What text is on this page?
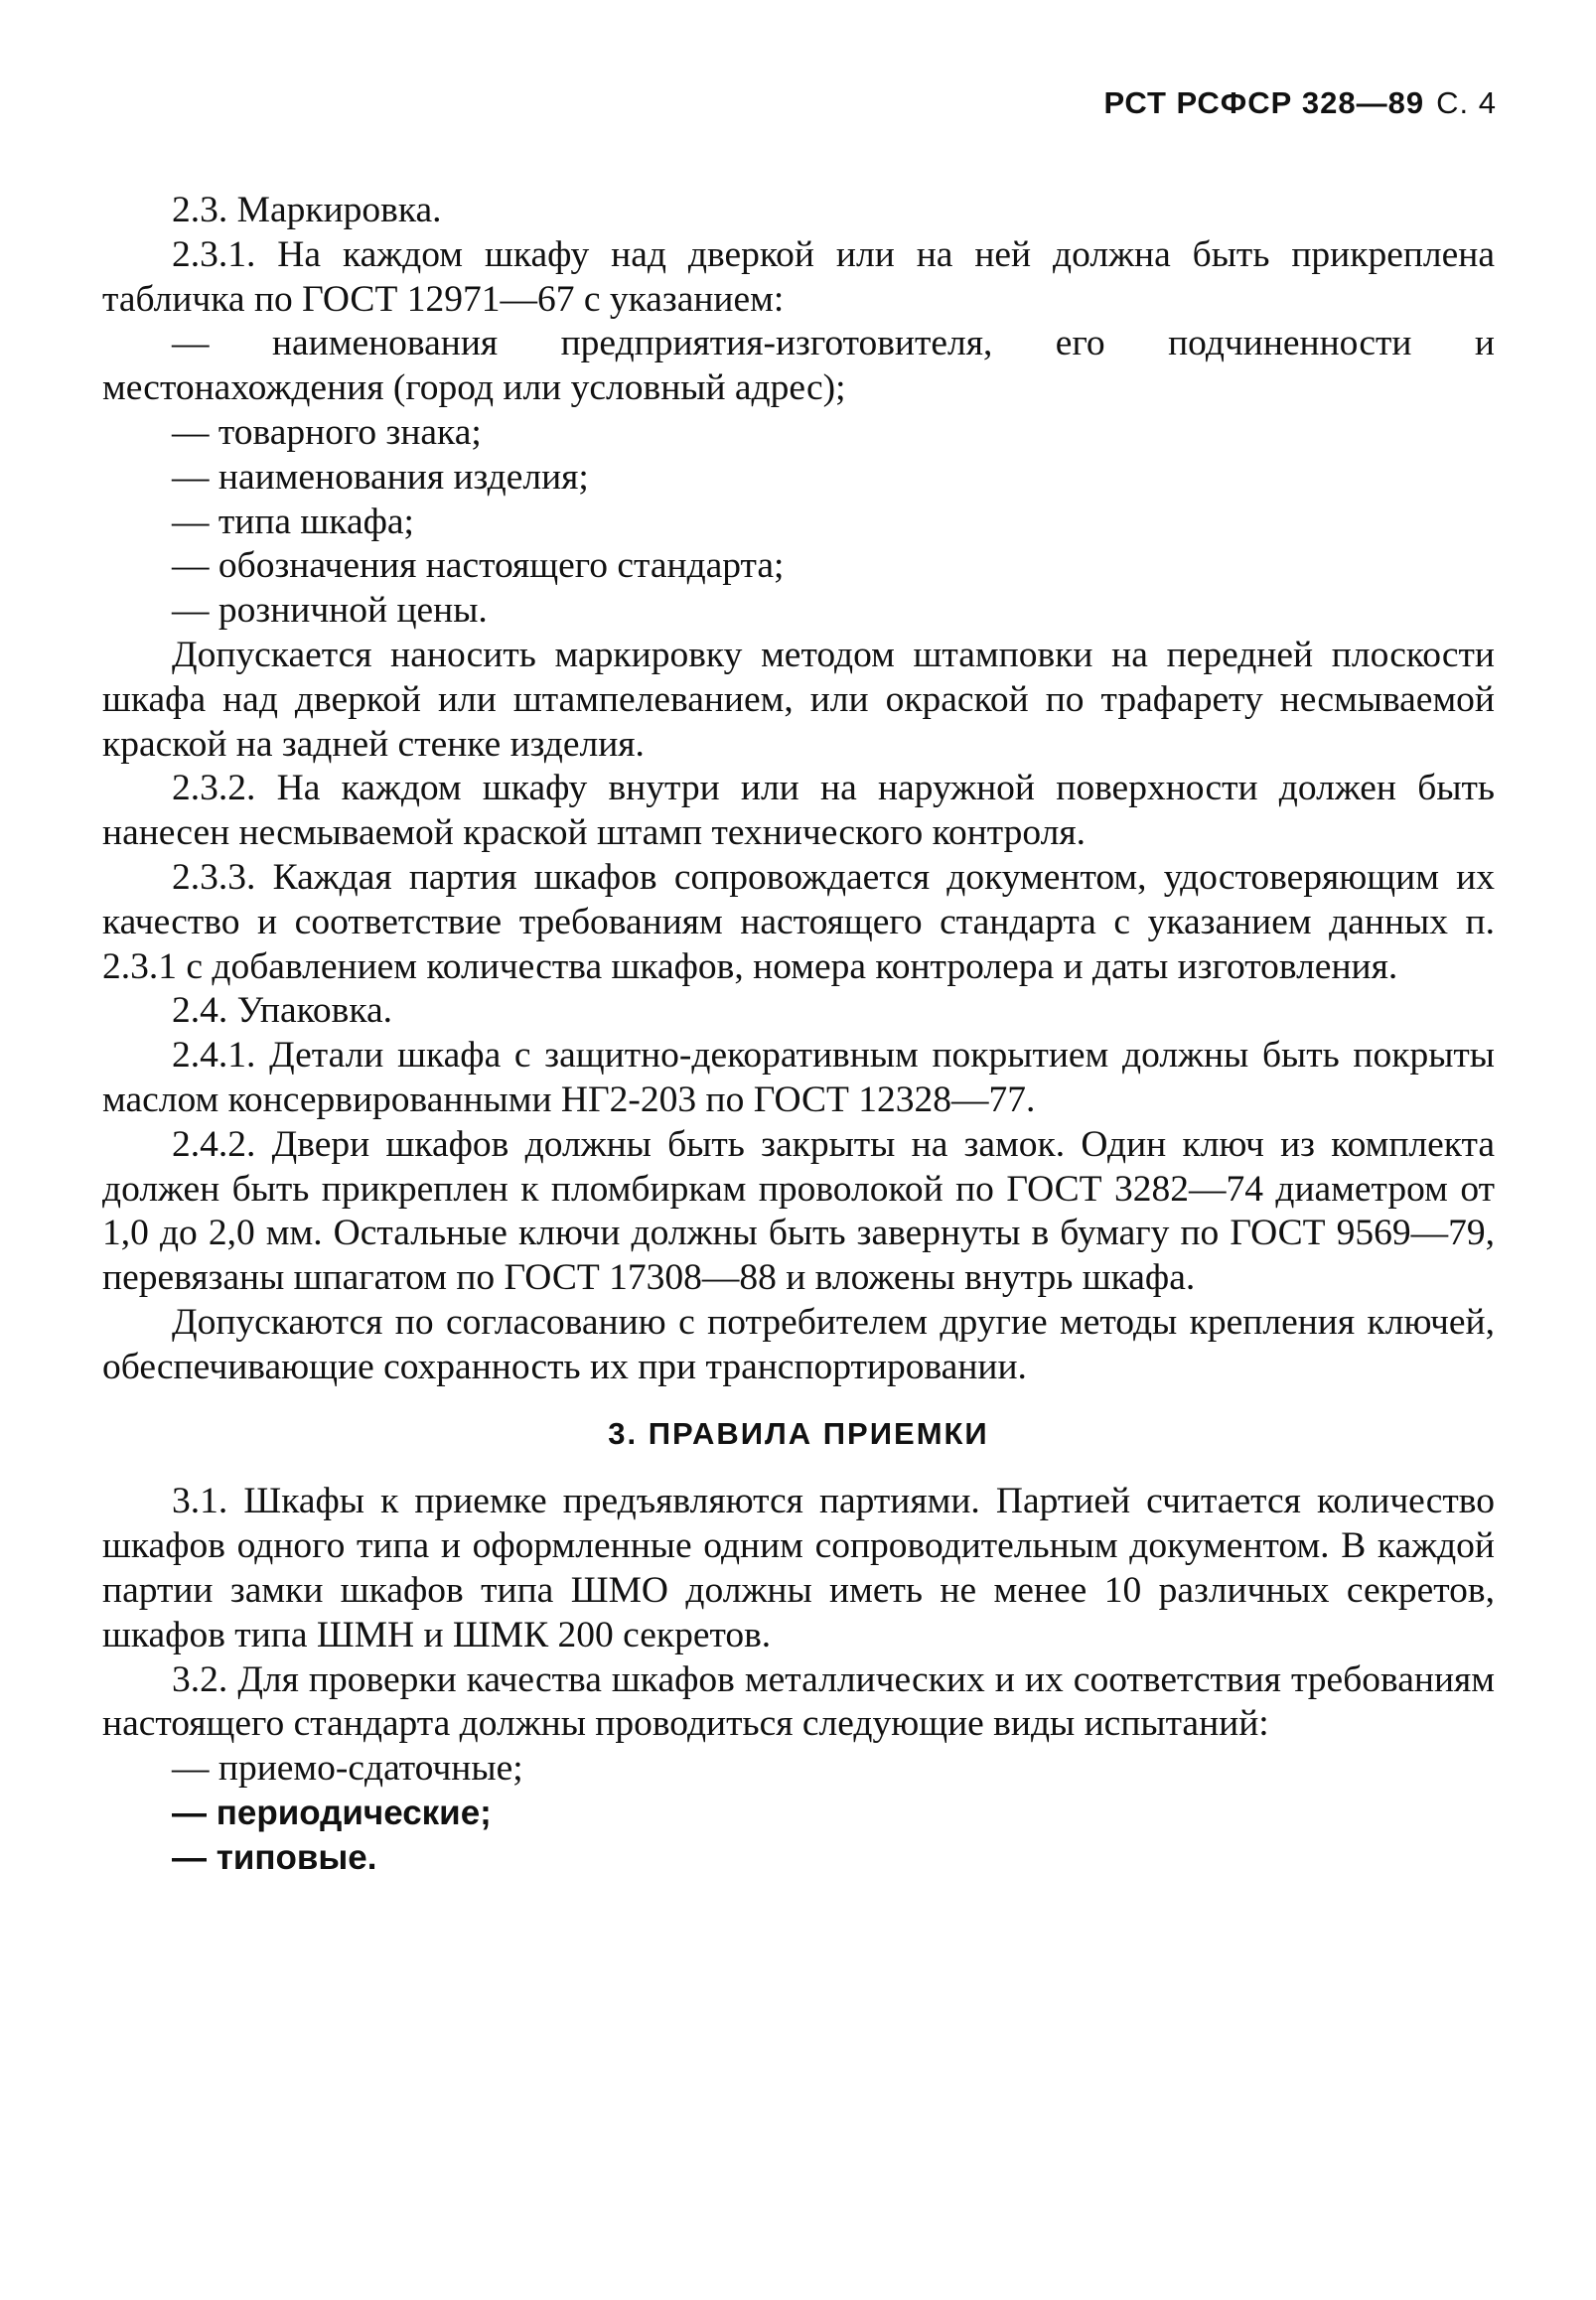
РСТ РСФСР 328—89 С. 4

2.3. Маркировка.

2.3.1. На каждом шкафу над дверкой или на ней должна быть прикреплена табличка по ГОСТ 12971—67 с указанием:

— наименования предприятия-изготовителя, его подчиненности и местонахождения (город или условный адрес);

— товарного знака;

— наименования изделия;

— типа шкафа;

— обозначения настоящего стандарта;

— розничной цены.

Допускается наносить маркировку методом штамповки на передней плоскости шкафа над дверкой или штампелеванием, или окраской по трафарету несмываемой краской на задней стенке изделия.

2.3.2. На каждом шкафу внутри или на наружной поверхности должен быть нанесен несмываемой краской штамп технического контроля.

2.3.3. Каждая партия шкафов сопровождается документом, удостоверяющим их качество и соответствие требованиям настоящего стандарта с указанием данных п. 2.3.1 с добавлением количества шкафов, номера контролера и даты изготовления.

2.4. Упаковка.

2.4.1. Детали шкафа с защитно-декоративным покрытием должны быть покрыты маслом консервированными НГ2-203 по ГОСТ 12328—77.

2.4.2. Двери шкафов должны быть закрыты на замок. Один ключ из комплекта должен быть прикреплен к пломбиркам проволокой по ГОСТ 3282—74 диаметром от 1,0 до 2,0 мм. Остальные ключи должны быть завернуты в бумагу по ГОСТ 9569—79, перевязаны шпагатом по ГОСТ 17308—88 и вложены внутрь шкафа.

Допускаются по согласованию с потребителем другие методы крепления ключей, обеспечивающие сохранность их при транспортировании.

3. ПРАВИЛА ПРИЕМКИ

3.1. Шкафы к приемке предъявляются партиями. Партией считается количество шкафов одного типа и оформленные одним сопроводительным документом. В каждой партии замки шкафов типа ШМО должны иметь не менее 10 различных секретов, шкафов типа ШМН и ШМК 200 секретов.

3.2. Для проверки качества шкафов металлических и их соответствия требованиям настоящего стандарта должны проводиться следующие виды испытаний:

— приемо-сдаточные;

— периодические;

— типовые.
